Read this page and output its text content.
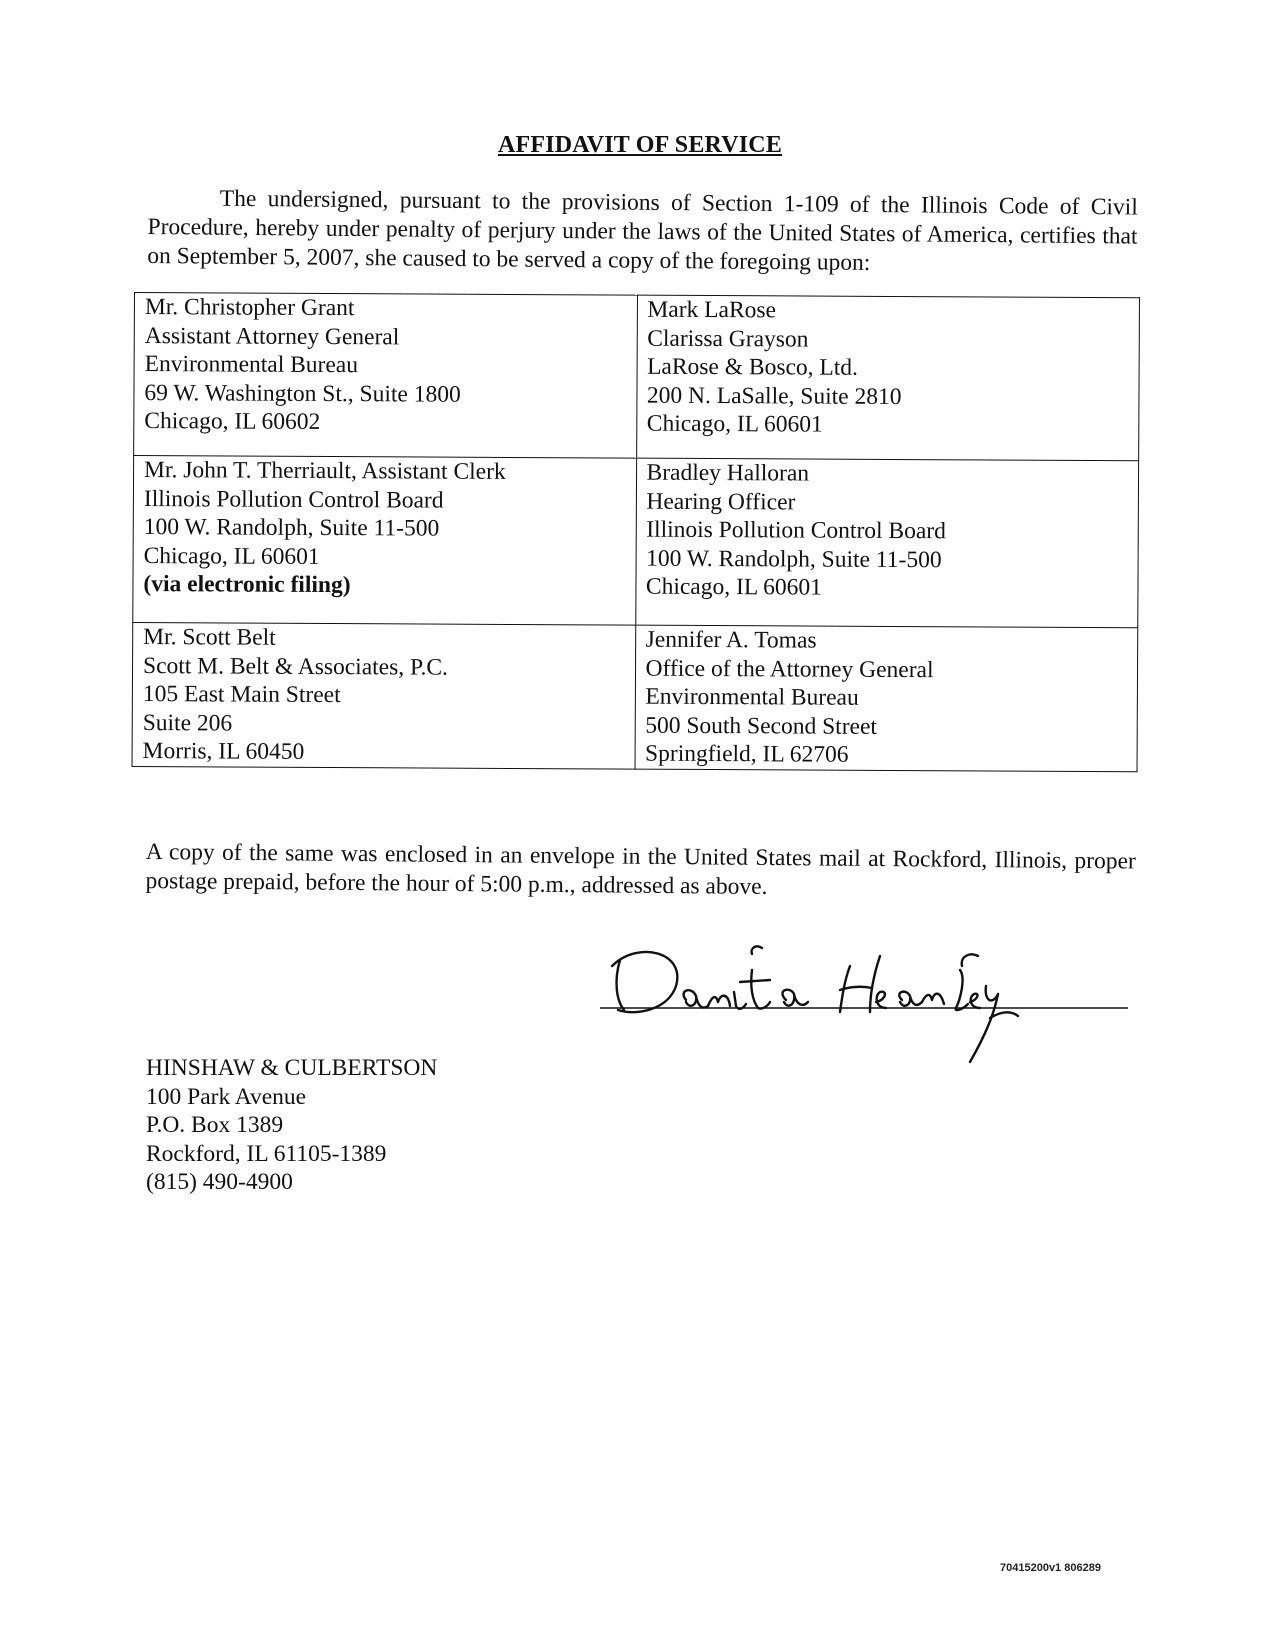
AFFIDAVIT OF SERVICE
The undersigned, pursuant to the provisions of Section 1-109 of the Illinois Code of Civil Procedure, hereby under penalty of perjury under the laws of the United States of America, certifies that on September 5, 2007, she caused to be served a copy of the foregoing upon:
Mr. Christopher Grant
Assistant Attorney General
Environmental Bureau
69 W. Washington St., Suite 1800
Chicago, IL 60602	Mark LaRose
Clarissa Grayson
LaRose & Bosco, Ltd.
200 N. LaSalle, Suite 2810
Chicago, IL 60601

Mr. John T. Therriault, Assistant Clerk
Illinois Pollution Control Board
100 W. Randolph, Suite 11-500
Chicago, IL 60601
(via electronic filing)	Bradley Halloran
Hearing Officer
Illinois Pollution Control Board
100 W. Randolph, Suite 11-500
Chicago, IL 60601

Mr. Scott Belt
Scott M. Belt & Associates, P.C.
105 East Main Street
Suite 206
Morris, IL 60450	Jennifer A. Tomas
Office of the Attorney General
Environmental Bureau
500 South Second Street
Springfield, IL 62706
A copy of the same was enclosed in an envelope in the United States mail at Rockford, Illinois, proper postage prepaid, before the hour of 5:00 p.m., addressed as above.
HINSHAW & CULBERTSON
100 Park Avenue
P.O. Box 1389
Rockford, IL 61105-1389
(815) 490-4900
70415200v1 806289
